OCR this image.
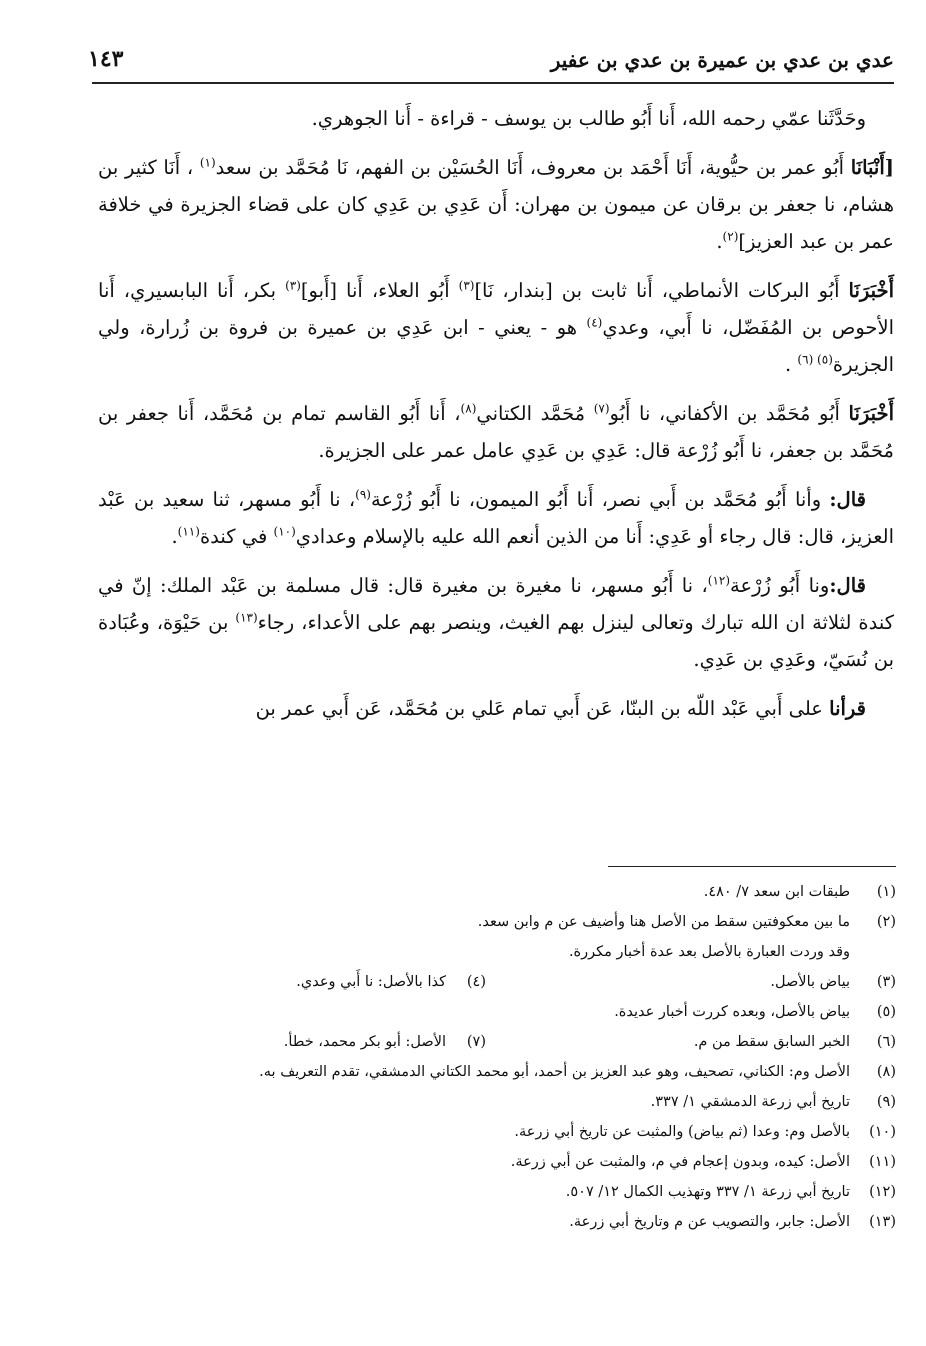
عدي بن عدي بن عميرة بن عدي بن عفير
١٤٣

وحَدَّثَنا عمّي رحمه الله، أَنا أَبُو طالب بن يوسف - قراءة - أَنا الجوهري.

[أَنْبَانَا أَبُو عمر بن حيُّوية، أَنَا أَحْمَد بن معروف، أَنَا الحُسَيْن بن الفهم، نَا مُحَمَّد بن سعد$^{(١)}$ ، أَنَا كثير بن هشام، نا جعفر بن برقان عن ميمون بن مهران: أَن عَدِي بن عَدِي كان على قضاء الجزيرة في خلافة عمر بن عبد العزيز]$^{(٢)}$.

أَخْبَرَنَا أَبُو البركات الأنماطي، أَنا ثابت بن [بندار، نَا]$^{(٣)}$ أَبُو العلاء، أَنا [أَبو]$^{(٣)}$ بكر، أَنا البابسيري، أَنا الأحوص بن المُفَضّل، نا أَبي، وعدي$^{(٤)}$ هو - يعني - ابن عَدِي بن عميرة بن فروة بن زُرارة، ولي الجزيرة$^{(٥) (٦)}$ .

أَخْبَرَنَا أَبُو مُحَمَّد بن الأكفاني، نا أَبُو$^{(٧)}$ مُحَمَّد الكتاني$^{(٨)}$، أَنا أَبُو القاسم تمام بن مُحَمَّد، أَنا جعفر بن مُحَمَّد بن جعفر، نا أَبُو زُرْعة قال: عَدِي بن عَدِي عامل عمر على الجزيرة.

قال: وأنا أَبُو مُحَمَّد بن أَبي نصر، أَنا أَبُو الميمون، نا أَبُو زُرْعة$^{(٩)}$، نا أَبُو مسهر، ثنا سعيد بن عَبْد العزيز، قال: قال رجاء أو عَدِي: أَنا من الذين أنعم الله عليه بالإسلام وعدادي$^{(١٠)}$ في كندة$^{(١١)}$.

قال:ونا أَبُو زُرْعة$^{(١٢)}$، نا أَبُو مسهر، نا مغيرة بن مغيرة قال: قال مسلمة بن عَبْد الملك: إنّ في كندة لثلاثة ان الله تبارك وتعالى لينزل بهم الغيث، وينصر بهم على الأعداء، رجاء$^{(١٣)}$ بن حَيْوَة، وعُبَادة بن نُسَيّ، وعَدِي بن عَدِي.

قرأنا على أَبي عَبْد اللّه بن البنّا، عَن أَبي تمام عَلي بن مُحَمَّد، عَن أَبي عمر بن

(١)
طبقات ابن سعد ٧/ ٤٨٠.
(٢)
ما بين معكوفتين سقط من الأصل هنا وأضيف عن م وابن سعد.
وقد وردت العبارة بالأصل بعد عدة أخبار مكررة.
(٣)
بياض بالأصل.
(٤)
كذا بالأصل: نا أَبي وعدي.
(٥)
بياض بالأصل، وبعده كررت أخبار عديدة.
(٦)
الخبر السابق سقط من م.
(٧)
الأصل: أبو بكر محمد، خطأ.
(٨)
الأصل وم: الكناني، تصحيف، وهو عبد العزيز بن أحمد، أبو محمد الكتاني الدمشقي، تقدم التعريف به.
(٩)
تاريخ أبي زرعة الدمشقي ١/ ٣٣٧.
(١٠)
بالأصل وم: وعدا (ثم بياض) والمثبت عن تاريخ أبي زرعة.
(١١)
الأصل: كيده، وبدون إعجام في م، والمثبت عن أبي زرعة.
(١٢)
تاريخ أبي زرعة ١/ ٣٣٧ وتهذيب الكمال ١٢/ ٥٠٧.
(١٣)
الأصل: جابر، والتصويب عن م وتاريخ أبي زرعة.
